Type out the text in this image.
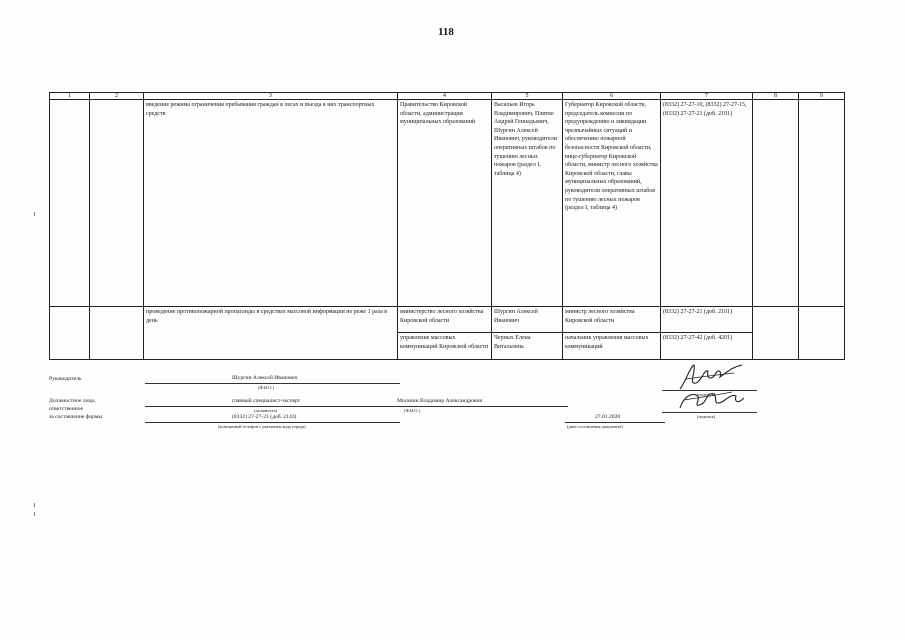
118
1	2	3	4	5	6	7	8	9
		введение режима ограничения пребывания граждан в лесах и въезда в них транспортных средств	Правительство Кировской области, администрации муниципальных образований	Васильев Игорь Владимирович, Плитко Андрей Геннадьевич, Шургин Алексей Иванович, руководители оперативных штабов по тушению лесных пожаров (раздел I, таблица 4)	Губернатор Кировской области, председатель комиссии по предупреждению и ликвидации чрезвычайных ситуаций и обеспечению пожарной безопасности Кировской области, вице-губернатор Кировской области, министр лесного хозяйства Кировской области, главы муниципальных образований, руководители оперативных штабов по тушению лесных пожаров (раздел I, таблица 4)	(8332) 27-27-10, (8332) 27-27-15, (8332) 27-27-21 (доб. 2101)		
		проведение противопожарной пропаганды в средствах массовой информации не реже 1 раза в день	министерство лесного хозяйства Кировской области	Шургин Алексей Иванович	министр лесного хозяйства Кировской области	(8332) 27-27-21 (доб. 2101)		
			управление массовых коммуникаций Кировской области	Черных Елена Витальевна	начальник управления массовых коммуникаций	(8332) 27-27-42 (доб. 4201)		
Руководитель	Шургин Алексей Иванович
(Ф.И.О.)
Должностное лицо,
ответственное
за составление формы
главный специалист-эксперт
(должность)
Москвин Владимир Александрович
(Ф.И.О.)
(8332) 27-27-21 (доб. 2143)
(контактный телефон с указанием кода города)
27.01.2020
(дата составления документа)
(подпись)
(подпись)
